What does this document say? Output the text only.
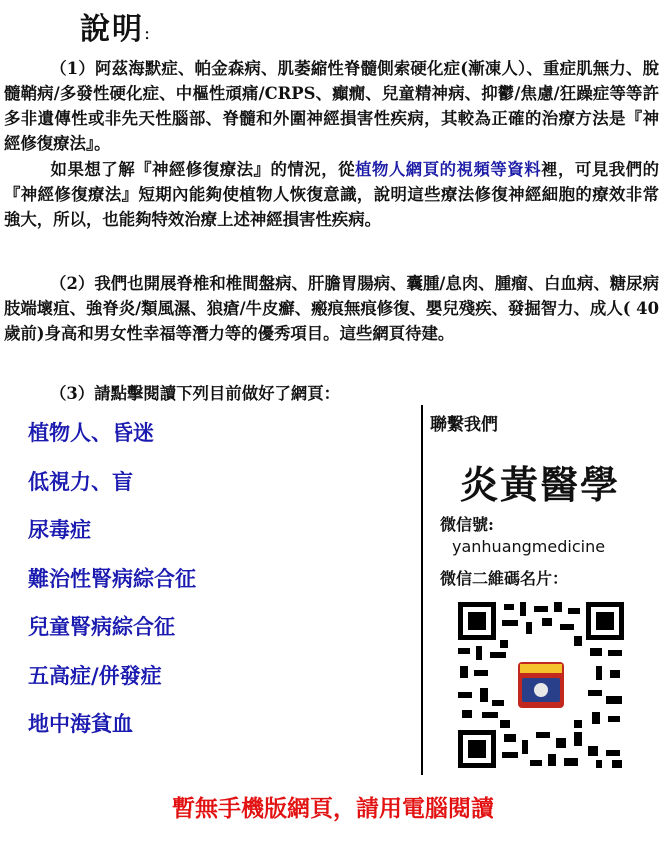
說明:
（1）阿茲海默症、帕金森病、肌萎縮性脊髓側索硬化症(漸凍人）、重症肌無力、脫髓鞘病/多發性硬化症、中樞性頑痛/CRPS、癲癇、兒童精神病、抑鬱/焦慮/狂躁症等等許多非遺傳性或非先天性腦部、脊髓和外圍神經損害性疾病，其較為正確的治療方法是『神經修復療法』。
如果想了解『神經修復療法』的情況，從植物人網頁的視頻等資料裡，可見我們的『神經修復療法』短期內能夠使植物人恢復意識，說明這些療法修復神經細胞的療效非常強大，所以，也能夠特效治療上述神經損害性疾病。
（2）我們也開展脊椎和椎間盤病、肝膽胃腸病、囊腫/息肉、腫瘤、白血病、糖尿病肢端壞疽、強脊炎/類風濕、狼瘡/牛皮癬、瘢痕無痕修復、嬰兒殘疾、發掘智力、成人( 40 歲前)身高和男女性幸福等潛力等的優秀項目。這些網頁待建。
（3）請點擊閱讀下列目前做好了網頁：
植物人、昏迷
低視力、盲
尿毒症
難治性腎病綜合征
兒童腎病綜合征
五高症/併發症
地中海貧血
聯繫我們
炎黃醫學
微信號:
yanhuangmedicine
微信二維碼名片：
暫無手機版網頁，請用電腦閱讀
